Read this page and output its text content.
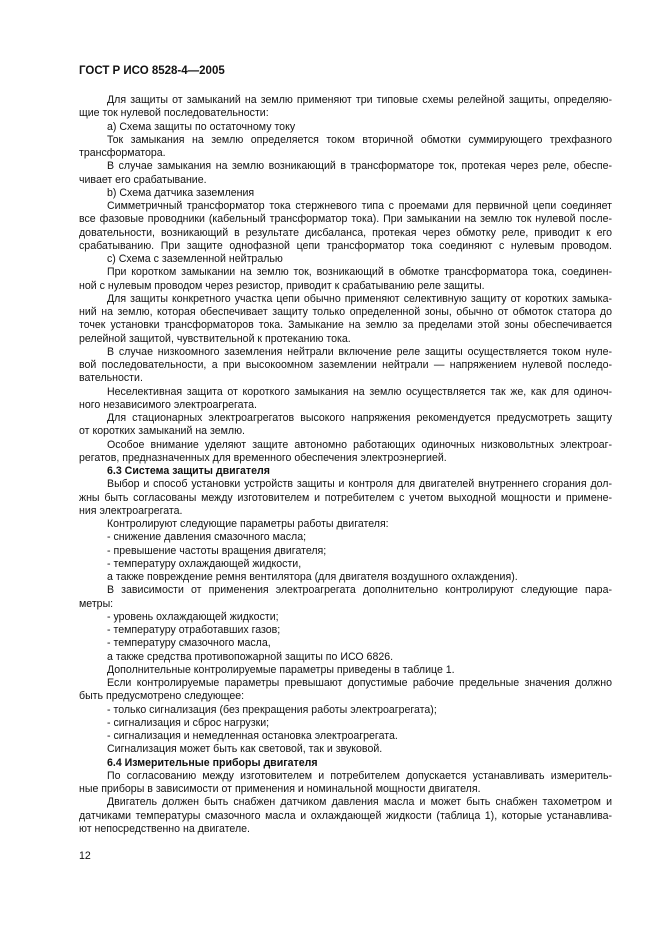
ГОСТ Р ИСО 8528-4—2005
Для защиты от замыканий на землю применяют три типовые схемы релейной защиты, определяю-
щие ток нулевой последовательности:
a) Схема защиты по остаточному току
Ток замыкания на землю определяется током вторичной обмотки суммирующего трехфазного
трансформатора.
В случае замыкания на землю возникающий в трансформаторе ток, протекая через реле, обеспе-
чивает его срабатывание.
b) Схема датчика заземления
Симметричный трансформатор тока стержневого типа с проемами для первичной цепи соединяет
все фазовые проводники (кабельный трансформатор тока). При замыкании на землю ток нулевой после-
довательности, возникающий в результате дисбаланса, протекая через обмотку реле, приводит к его
срабатыванию. При защите однофазной цепи трансформатор тока соединяют с нулевым проводом.
c) Схема с заземленной нейтралью
При коротком замыкании на землю ток, возникающий в обмотке трансформатора тока, соединен-
ной с нулевым проводом через резистор, приводит к срабатыванию реле защиты.
Для защиты конкретного участка цепи обычно применяют селективную защиту от коротких замыка-
ний на землю, которая обеспечивает защиту только определенной зоны, обычно от обмоток статора до
точек установки трансформаторов тока. Замыкание на землю за пределами этой зоны обеспечивается
релейной защитой, чувствительной к протеканию тока.
В случае низкоомного заземления нейтрали включение реле защиты осуществляется током нуле-
вой последовательности, а при высокоомном заземлении нейтрали — напряжением нулевой последо-
вательности.
Неселективная защита от короткого замыкания на землю осуществляется так же, как для одиноч-
ного независимого электроагрегата.
Для стационарных электроагрегатов высокого напряжения рекомендуется предусмотреть защиту
от коротких замыканий на землю.
Особое внимание уделяют защите автономно работающих одиночных низковольтных электроаг-
регатов, предназначенных для временного обеспечения электроэнергией.
6.3 Система защиты двигателя
Выбор и способ установки устройств защиты и контроля для двигателей внутреннего сгорания дол-
жны быть согласованы между изготовителем и потребителем с учетом выходной мощности и примене-
ния электроагрегата.
Контролируют следующие параметры работы двигателя:
- снижение давления смазочного масла;
- превышение частоты вращения двигателя;
- температуру охлаждающей жидкости,
а также повреждение ремня вентилятора (для двигателя воздушного охлаждения).
В зависимости от применения электроагрегата дополнительно контролируют следующие пара-
метры:
- уровень охлаждающей жидкости;
- температуру отработавших газов;
- температуру смазочного масла,
а также средства противопожарной защиты по ИСО 6826.
Дополнительные контролируемые параметры приведены в таблице 1.
Если контролируемые параметры превышают допустимые рабочие предельные значения должно
быть предусмотрено следующее:
- только сигнализация (без прекращения работы электроагрегата);
- сигнализация и сброс нагрузки;
- сигнализация и немедленная остановка электроагрегата.
Сигнализация может быть как световой, так и звуковой.
6.4 Измерительные приборы двигателя
По согласованию между изготовителем и потребителем допускается устанавливать измеритель-
ные приборы в зависимости от применения и номинальной мощности двигателя.
Двигатель должен быть снабжен датчиком давления масла и может быть снабжен тахометром и
датчиками температуры смазочного масла и охлаждающей жидкости (таблица 1), которые устанавлива-
ют непосредственно на двигателе.
12
